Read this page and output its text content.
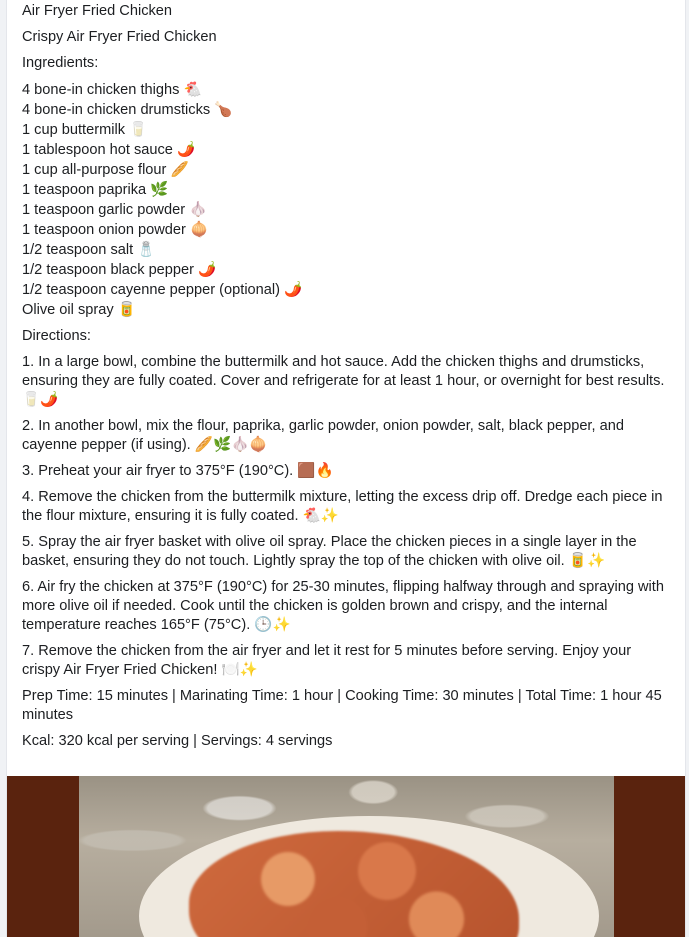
Air Fryer Fried Chicken
Crispy Air Fryer Fried Chicken
Ingredients:
4 bone-in chicken thighs 🐔
4 bone-in chicken drumsticks 🍗
1 cup buttermilk 🥛
1 tablespoon hot sauce 🌶️
1 cup all-purpose flour 🥖
1 teaspoon paprika 🌿
1 teaspoon garlic powder 🧄
1 teaspoon onion powder 🧅
1/2 teaspoon salt 🧂
1/2 teaspoon black pepper 🌶️
1/2 teaspoon cayenne pepper (optional) 🌶️
Olive oil spray 🥫
Directions:
1. In a large bowl, combine the buttermilk and hot sauce. Add the chicken thighs and drumsticks, ensuring they are fully coated. Cover and refrigerate for at least 1 hour, or overnight for best results. 🥛🌶️
2. In another bowl, mix the flour, paprika, garlic powder, onion powder, salt, black pepper, and cayenne pepper (if using). 🥖🌿🧄🧅
3. Preheat your air fryer to 375°F (190°C). 🟫🔥
4. Remove the chicken from the buttermilk mixture, letting the excess drip off. Dredge each piece in the flour mixture, ensuring it is fully coated. 🐔✨
5. Spray the air fryer basket with olive oil spray. Place the chicken pieces in a single layer in the basket, ensuring they do not touch. Lightly spray the top of the chicken with olive oil. 🥫✨
6. Air fry the chicken at 375°F (190°C) for 25-30 minutes, flipping halfway through and spraying with more olive oil if needed. Cook until the chicken is golden brown and crispy, and the internal temperature reaches 165°F (75°C). 🕒✨
7. Remove the chicken from the air fryer and let it rest for 5 minutes before serving. Enjoy your crispy Air Fryer Fried Chicken! 🍽️✨
Prep Time: 15 minutes | Marinating Time: 1 hour | Cooking Time: 30 minutes | Total Time: 1 hour 45 minutes
Kcal: 320 kcal per serving | Servings: 4 servings
